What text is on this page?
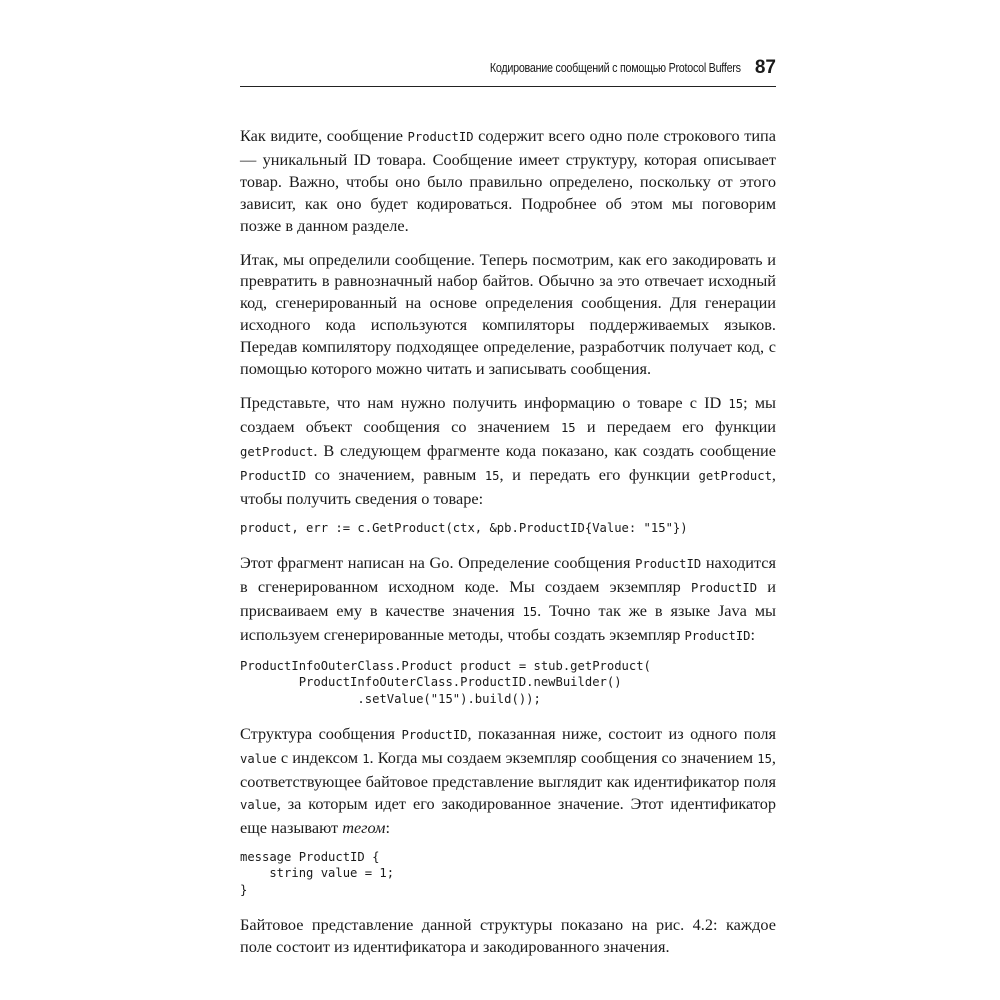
Кодирование сообщений с помощью Protocol Buffers 87

Как видите, сообщение ProductID содержит всего одно поле строкового типа — уникальный ID товара. Сообщение имеет структуру, которая описывает товар. Важно, чтобы оно было правильно определено, поскольку от этого зависит, как оно будет кодироваться. Подробнее об этом мы поговорим позже в данном разделе.

Итак, мы определили сообщение. Теперь посмотрим, как его закодировать и превратить в равнозначный набор байтов. Обычно за это отвечает исходный код, сгенерированный на основе определения сообщения. Для генерации исходного кода используются компиляторы поддерживаемых языков. Передав компилятору подходящее определение, разработчик получает код, с помощью которого можно читать и записывать сообщения.

Представьте, что нам нужно получить информацию о товаре с ID 15; мы создаем объект сообщения со значением 15 и передаем его функции getProduct. В следующем фрагменте кода показано, как создать сообщение ProductID со значением, равным 15, и передать его функции getProduct, чтобы получить сведения о товаре:

product, err := c.GetProduct(ctx, &pb.ProductID{Value: "15"})

Этот фрагмент написан на Go. Определение сообщения ProductID находится в сгенерированном исходном коде. Мы создаем экземпляр ProductID и присваиваем ему в качестве значения 15. Точно так же в языке Java мы используем сгенерированные методы, чтобы создать экземпляр ProductID:

ProductInfoOuterClass.Product product = stub.getProduct(
ProductInfoOuterClass.ProductID.newBuilder()
.setValue("15").build());

Структура сообщения ProductID, показанная ниже, состоит из одного поля value с индексом 1. Когда мы создаем экземпляр сообщения со значением 15, соответствующее байтовое представление выглядит как идентификатор поля value, за которым идет его закодированное значение. Этот идентификатор еще называют тегом:

message ProductID {
string value = 1;
}

Байтовое представление данной структуры показано на рис. 4.2: каждое поле состоит из идентификатора и закодированного значения.
